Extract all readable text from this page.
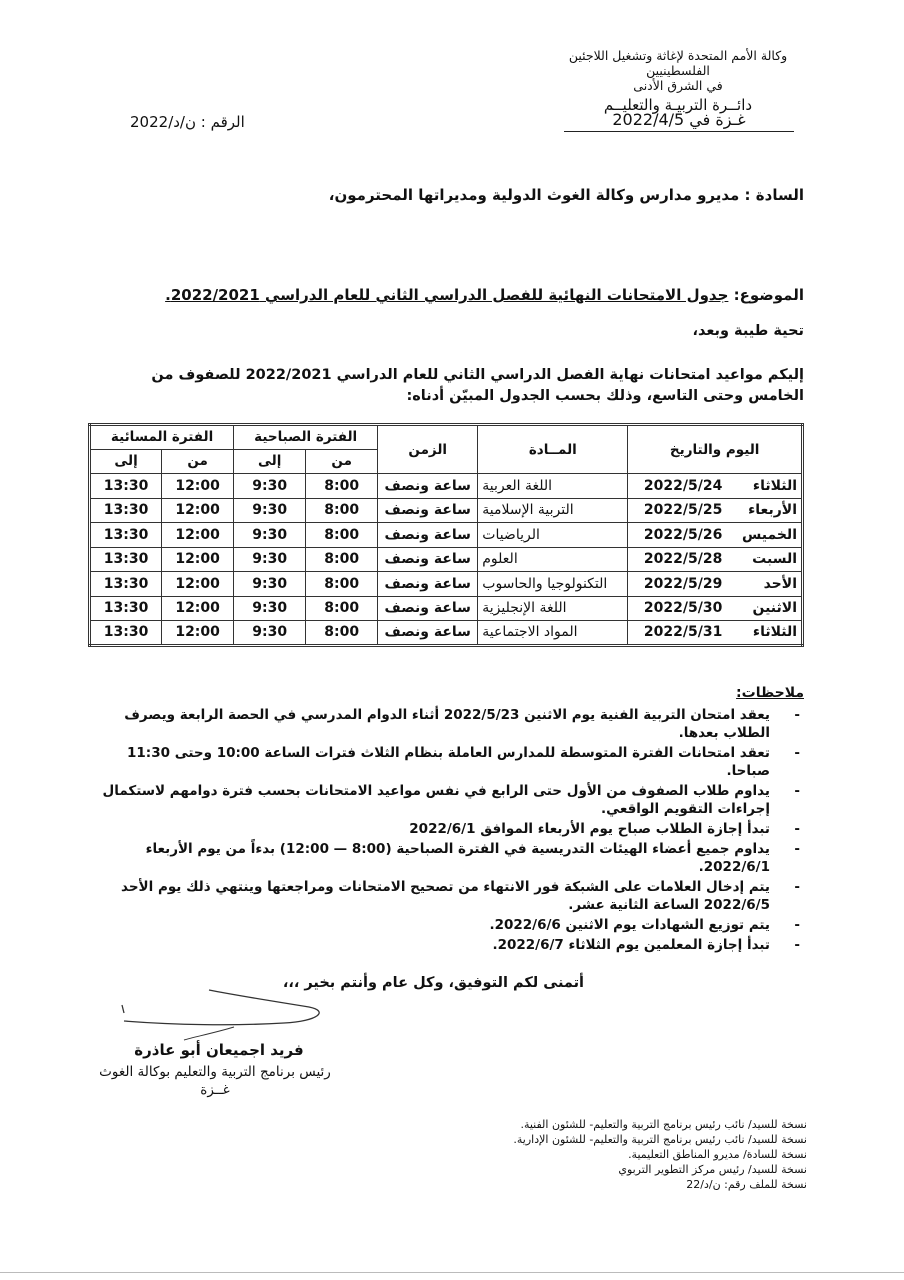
وكالة الأمم المتحدة لإغاثة وتشغيل اللاجئين الفلسطينيين
في الشرق الأدنى
دائــرة التربيـة والتعليــم
غـزة في 2022/4/5
الرقم : ن/د/2022
السادة : مديرو مدارس وكالة الغوث الدولية ومديراتها المحترمون،
الموضوع: جدول الامتحانات النهائية للفصل الدراسي الثاني للعام الدراسي 2022/2021.
تحية طيبة وبعد،
إليكم مواعيد امتحانات نهاية الفصل الدراسي الثاني للعام الدراسي 2022/2021 للصفوف من الخامس وحتى التاسع، وذلك بحسب الجدول المبيّن أدناه:
اليوم والتاريخ		المــادة	الزمن	الفترة الصباحية		الفترة المسائية	
				من	إلى	من	إلى
الثلاثاء	2022/5/24	اللغة العربية	ساعة ونصف	8:00	9:30	12:00	13:30
الأربعاء	2022/5/25	التربية الإسلامية	ساعة ونصف	8:00	9:30	12:00	13:30
الخميس	2022/5/26	الرياضيات	ساعة ونصف	8:00	9:30	12:00	13:30
السبت	2022/5/28	العلوم	ساعة ونصف	8:00	9:30	12:00	13:30
الأحد	2022/5/29	التكنولوجيا والحاسوب	ساعة ونصف	8:00	9:30	12:00	13:30
الاثنين	2022/5/30	اللغة الإنجليزية	ساعة ونصف	8:00	9:30	12:00	13:30
الثلاثاء	2022/5/31	المواد الاجتماعية	ساعة ونصف	8:00	9:30	12:00	13:30
ملاحظات:
- يعقد امتحان التربية الفنية يوم الاثنين 2022/5/23 أثناء الدوام المدرسي في الحصة الرابعة ويصرف الطلاب بعدها.
- تعقد امتحانات الفترة المتوسطة للمدارس العاملة بنظام الثلاث فترات الساعة 10:00 وحتى 11:30 صباحا.
- يداوم طلاب الصفوف من الأول حتى الرابع في نفس مواعيد الامتحانات بحسب فترة دوامهم لاستكمال إجراءات التقويم الواقعي.
- تبدأ إجازة الطلاب صباح يوم الأربعاء الموافق 2022/6/1
- يداوم جميع أعضاء الهيئات التدريسية في الفترة الصباحية (8:00 — 12:00) بدءاً من يوم الأربعاء 2022/6/1.
- يتم إدخال العلامات على الشبكة فور الانتهاء من تصحيح الامتحانات ومراجعتها وينتهي ذلك يوم الأحد 2022/6/5 الساعة الثانية عشر.
- يتم توزيع الشهادات يوم الاثنين 2022/6/6.
- تبدأ إجازة المعلمين يوم الثلاثاء 2022/6/7.
أتمنى لكم التوفيق، وكل عام وأنتم بخير ،،،
فريد اجميعان أبو عاذرة
رئيس برنامج التربية والتعليم بوكالة الغوث
غــزة
نسخة للسيد/ نائب رئيس برنامج التربية والتعليم- للشئون الفنية.
نسخة للسيد/ نائب رئيس برنامج التربية والتعليم- للشئون الإدارية.
نسخة للسادة/ مديرو المناطق التعليمية.
نسخة للسيد/ رئيس مركز التطوير التربوي
نسخة للملف رقم: ن/د/22
